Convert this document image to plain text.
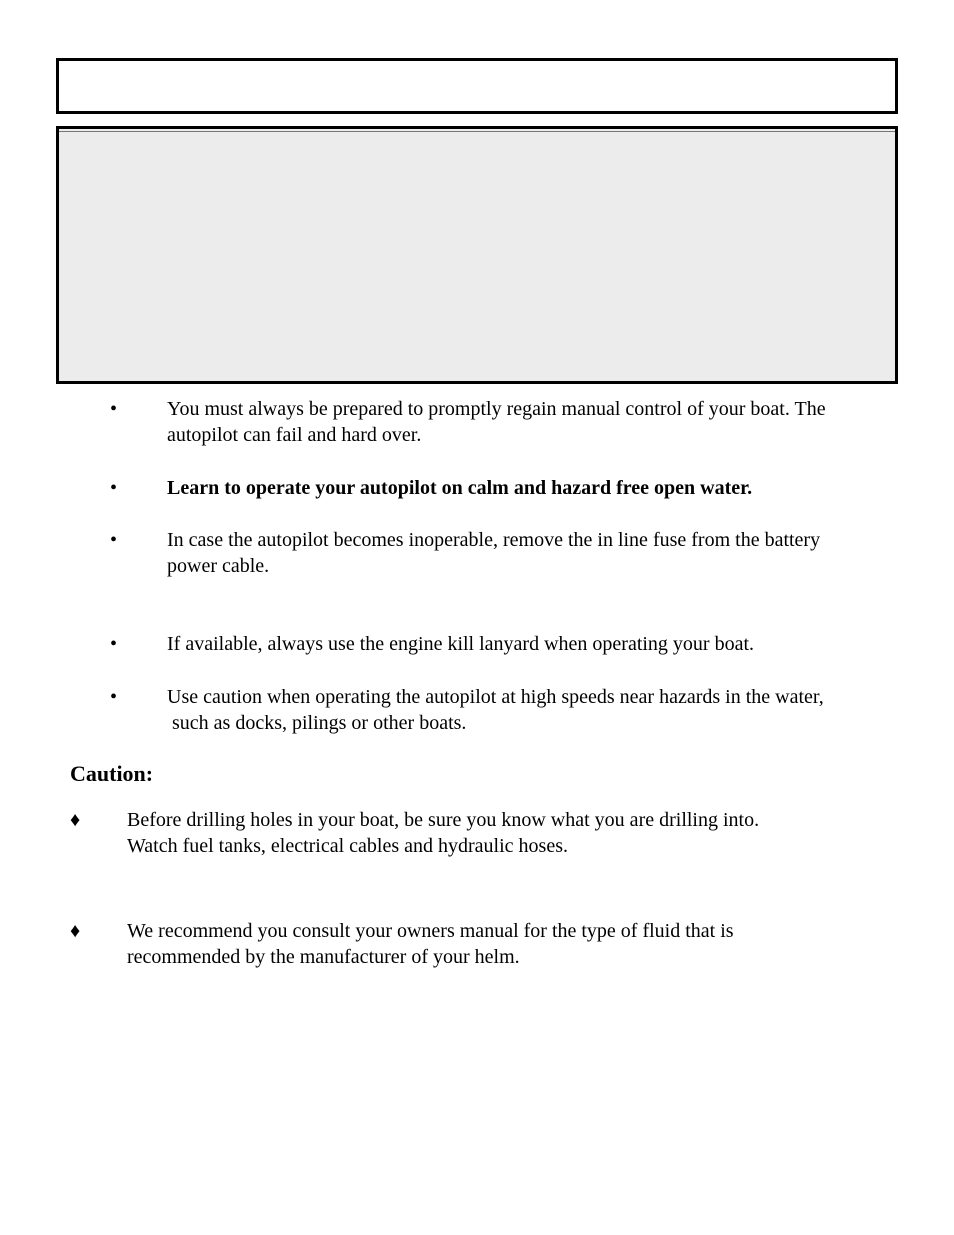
• You must always be prepared to promptly regain manual control of your boat. The
autopilot can fail and hard over.
• Learn to operate your autopilot on calm and hazard free open water.
• In case the autopilot becomes inoperable, remove the in line fuse from the battery
power cable.
• If available, always use the engine kill lanyard when operating your boat.
• Use caution when operating the autopilot at high speeds near hazards in the water,
such as docks, pilings or other boats.
Caution:
♦ Before drilling holes in your boat, be sure you know what you are drilling into.
Watch fuel tanks, electrical cables and hydraulic hoses.
♦ We recommend you consult your owners manual for the type of fluid that is
recommended by the manufacturer of your helm.
